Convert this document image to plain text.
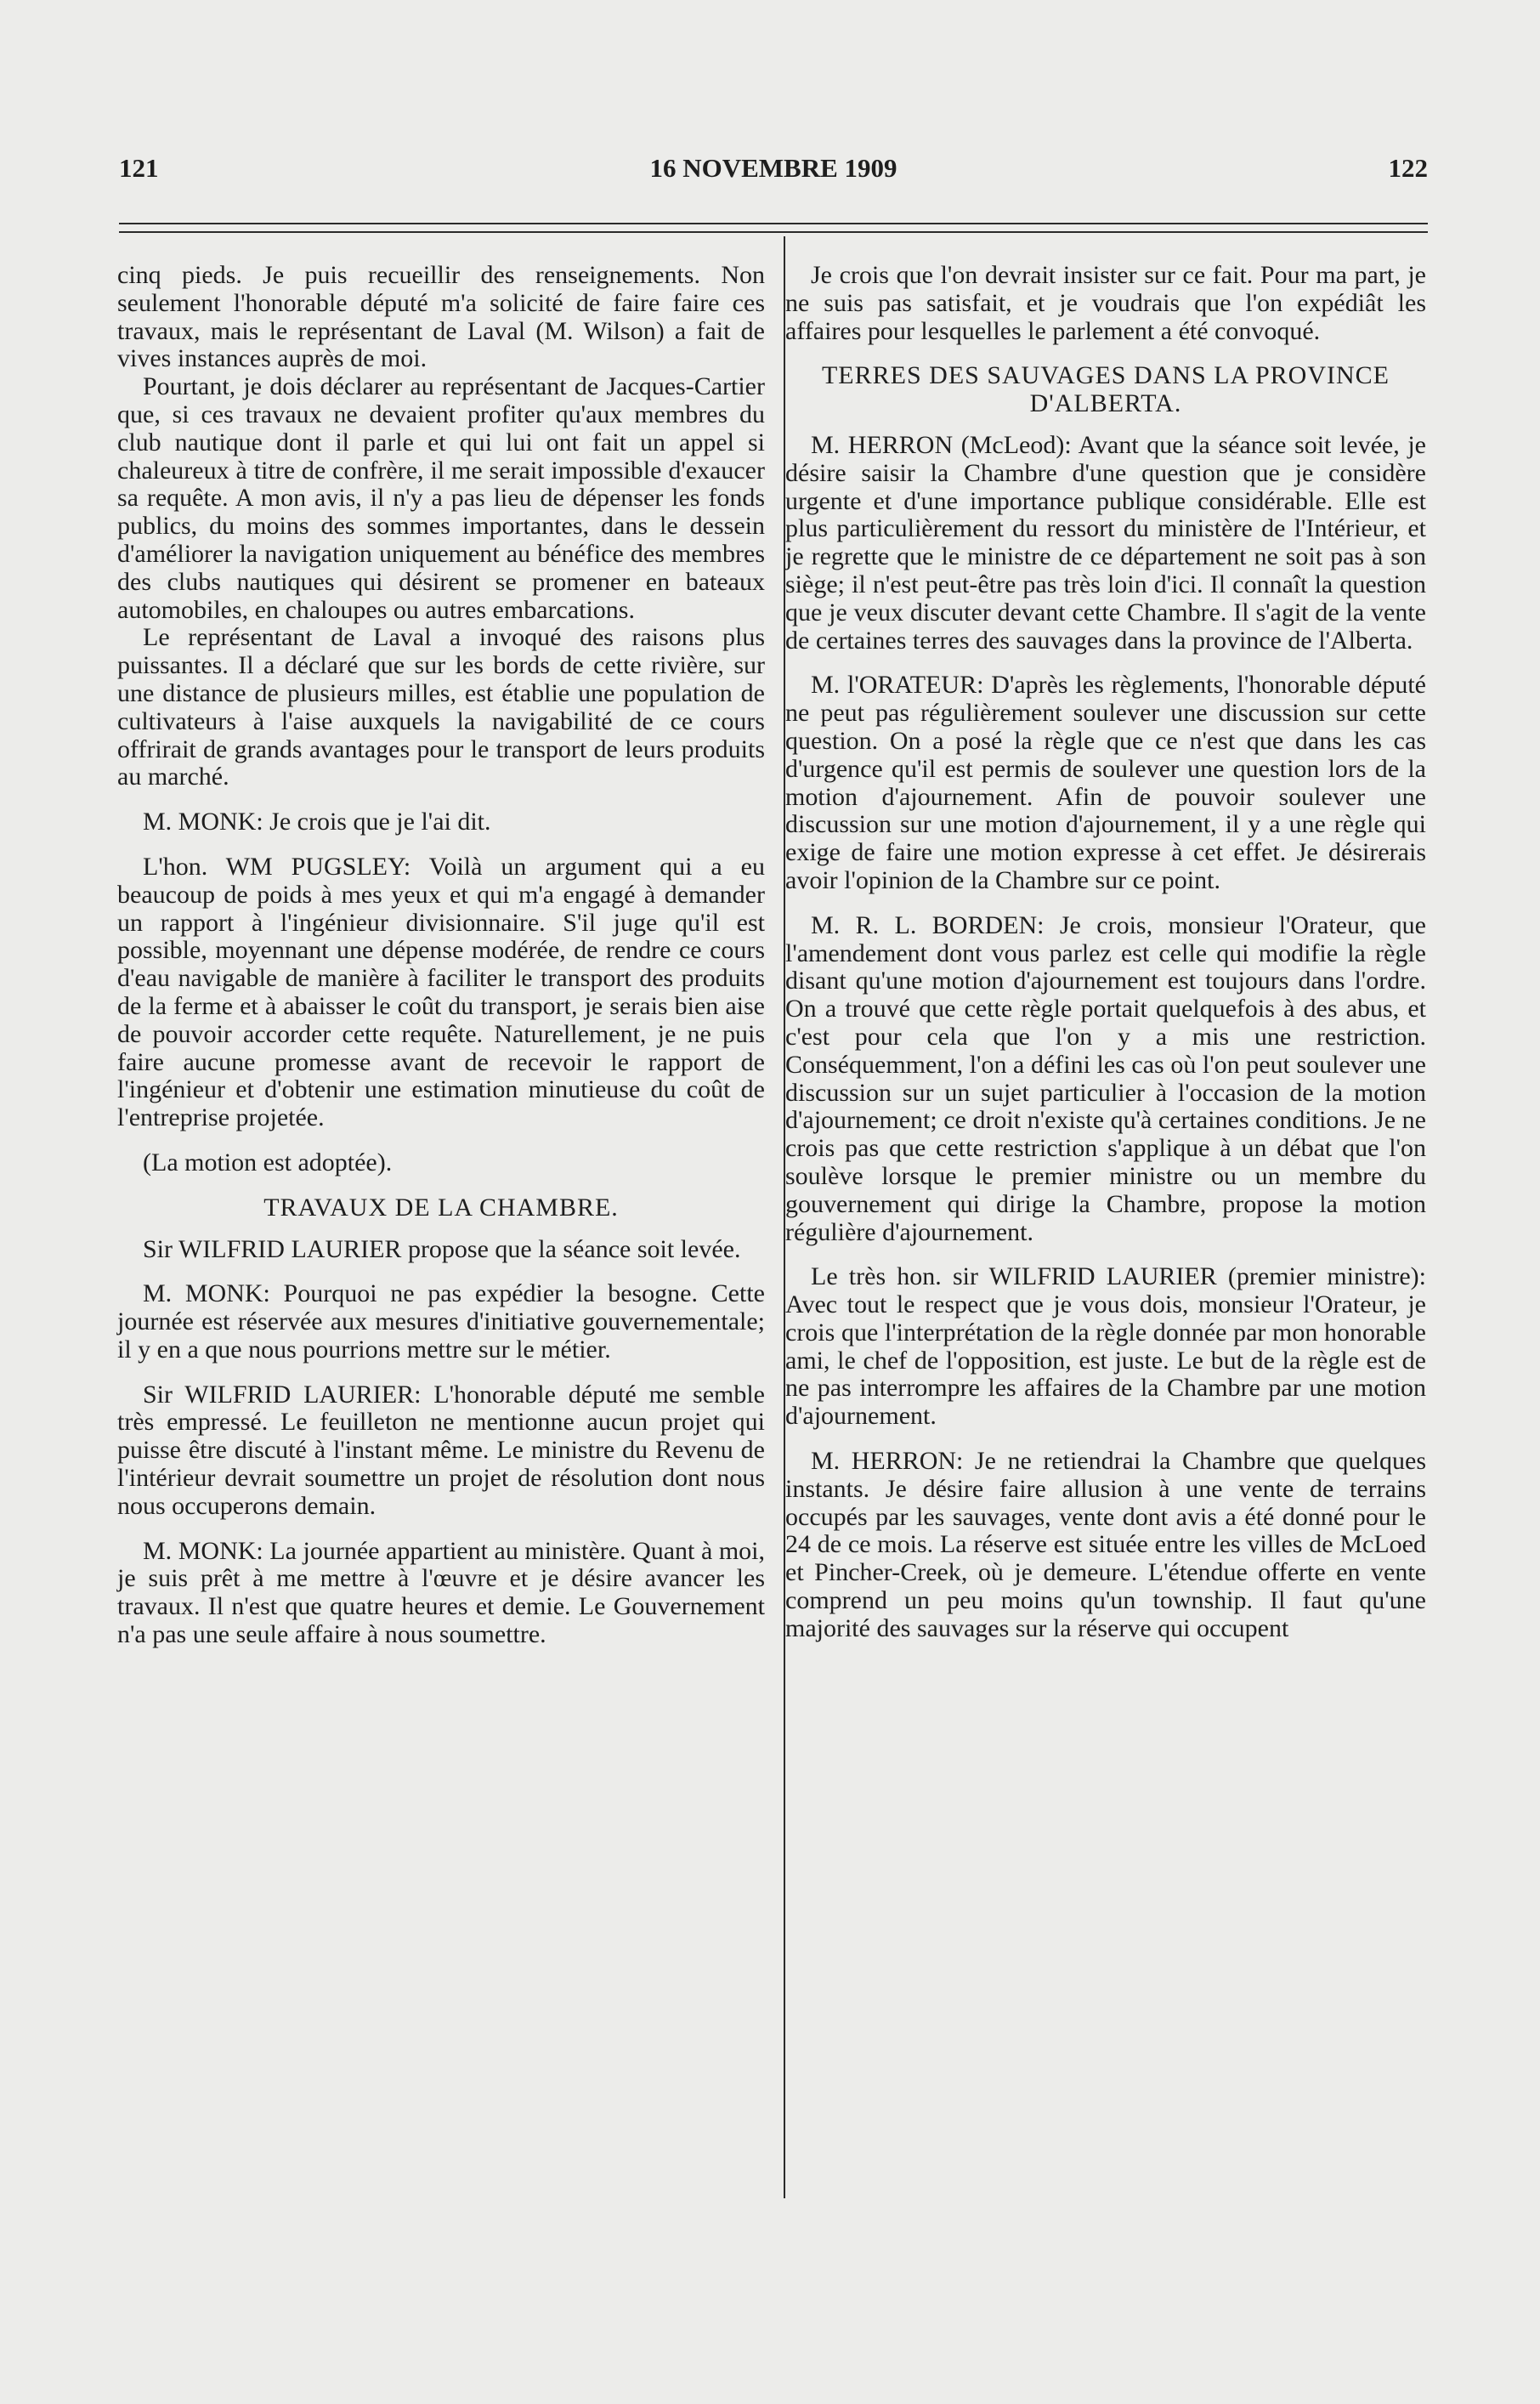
121	16 NOVEMBRE 1909	122

cinq pieds. Je puis recueillir des renseignements. Non seulement l'honorable député m'a solicité de faire faire ces travaux, mais le représentant de Laval (M. Wilson) a fait de vives instances auprès de moi.

Pourtant, je dois déclarer au représentant de Jacques-Cartier que, si ces travaux ne devaient profiter qu'aux membres du club nautique dont il parle et qui lui ont fait un appel si chaleureux à titre de confrère, il me serait impossible d'exaucer sa requête. A mon avis, il n'y a pas lieu de dépenser les fonds publics, du moins des sommes importantes, dans le dessein d'améliorer la navigation uniquement au bénéfice des membres des clubs nautiques qui désirent se promener en bateaux automobiles, en chaloupes ou autres embarcations.

Le représentant de Laval a invoqué des raisons plus puissantes. Il a déclaré que sur les bords de cette rivière, sur une distance de plusieurs milles, est établie une population de cultivateurs à l'aise auxquels la navigabilité de ce cours offrirait de grands avantages pour le transport de leurs produits au marché.

M. MONK: Je crois que je l'ai dit.

L'hon. WM PUGSLEY: Voilà un argument qui a eu beaucoup de poids à mes yeux et qui m'a engagé à demander un rapport à l'ingénieur divisionnaire. S'il juge qu'il est possible, moyennant une dépense modérée, de rendre ce cours d'eau navigable de manière à faciliter le transport des produits de la ferme et à abaisser le coût du transport, je serais bien aise de pouvoir accorder cette requête. Naturellement, je ne puis faire aucune promesse avant de recevoir le rapport de l'ingénieur et d'obtenir une estimation minutieuse du coût de l'entreprise projetée.

(La motion est adoptée).

TRAVAUX DE LA CHAMBRE.

Sir WILFRID LAURIER propose que la séance soit levée.

M. MONK: Pourquoi ne pas expédier la besogne. Cette journée est réservée aux mesures d'initiative gouvernementale; il y en a que nous pourrions mettre sur le métier.

Sir WILFRID LAURIER: L'honorable député me semble très empressé. Le feuilleton ne mentionne aucun projet qui puisse être discuté à l'instant même. Le ministre du Revenu de l'intérieur devrait soumettre un projet de résolution dont nous nous occuperons demain.

M. MONK: La journée appartient au ministère. Quant à moi, je suis prêt à me mettre à l'œuvre et je désire avancer les travaux. Il n'est que quatre heures et demie. Le Gouvernement n'a pas une seule affaire à nous soumettre.

Je crois que l'on devrait insister sur ce fait. Pour ma part, je ne suis pas satisfait, et je voudrais que l'on expédiât les affaires pour lesquelles le parlement a été convoqué.

TERRES DES SAUVAGES DANS LA PROVINCE D'ALBERTA.

M. HERRON (McLeod): Avant que la séance soit levée, je désire saisir la Chambre d'une question que je considère urgente et d'une importance publique considérable. Elle est plus particulièrement du ressort du ministère de l'Intérieur, et je regrette que le ministre de ce département ne soit pas à son siège; il n'est peut-être pas très loin d'ici. Il connaît la question que je veux discuter devant cette Chambre. Il s'agit de la vente de certaines terres des sauvages dans la province de l'Alberta.

M. l'ORATEUR: D'après les règlements, l'honorable député ne peut pas régulièrement soulever une discussion sur cette question. On a posé la règle que ce n'est que dans les cas d'urgence qu'il est permis de soulever une question lors de la motion d'ajournement. Afin de pouvoir soulever une discussion sur une motion d'ajournement, il y a une règle qui exige de faire une motion expresse à cet effet. Je désirerais avoir l'opinion de la Chambre sur ce point.

M. R. L. BORDEN: Je crois, monsieur l'Orateur, que l'amendement dont vous parlez est celle qui modifie la règle disant qu'une motion d'ajournement est toujours dans l'ordre. On a trouvé que cette règle portait quelquefois à des abus, et c'est pour cela que l'on y a mis une restriction. Conséquemment, l'on a défini les cas où l'on peut soulever une discussion sur un sujet particulier à l'occasion de la motion d'ajournement; ce droit n'existe qu'à certaines conditions. Je ne crois pas que cette restriction s'applique à un débat que l'on soulève lorsque le premier ministre ou un membre du gouvernement qui dirige la Chambre, propose la motion régulière d'ajournement.

Le très hon. sir WILFRID LAURIER (premier ministre): Avec tout le respect que je vous dois, monsieur l'Orateur, je crois que l'interprétation de la règle donnée par mon honorable ami, le chef de l'opposition, est juste. Le but de la règle est de ne pas interrompre les affaires de la Chambre par une motion d'ajournement.

M. HERRON: Je ne retiendrai la Chambre que quelques instants. Je désire faire allusion à une vente de terrains occupés par les sauvages, vente dont avis a été donné pour le 24 de ce mois. La réserve est située entre les villes de McLoed et Pincher-Creek, où je demeure. L'étendue offerte en vente comprend un peu moins qu'un township. Il faut qu'une majorité des sauvages sur la réserve qui occupent
